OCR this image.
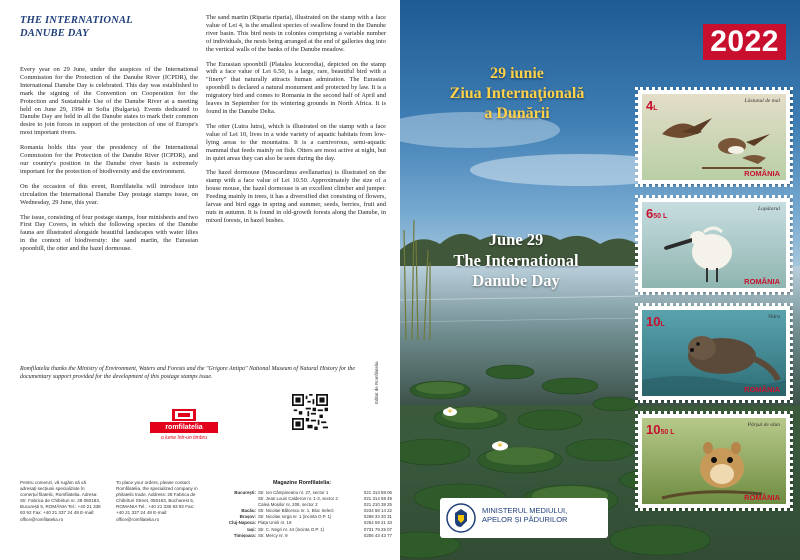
THE INTERNATIONAL
DANUBE DAY

Every year on 29 June, under the auspices of the International Commission for the Protection of the Danube River (ICPDR), the International Danube Day is celebrated. This day was established to mark the signing of the Convention on Cooperation for the Protection and Sustainable Use of the Danube River at a meeting held on June 29, 1994 in Sofia (Bulgaria). Events dedicated to Danube Day are held in all the Danube states to mark their common desire to join forces in support of the protection of one of Europe's most important rivers.

Romania holds this year the presidency of the International Commission for the Protection of the Danube River (ICPDR), and our country's position in the Danube river basin is extremely important for the protection of biodiversity and the environment.

On the occasion of this event, Romfilatelia will introduce into circulation the International Danube Day postage stamps issue, on Wednesday, 29 June, this year.

The issue, consisting of four postage stamps, four minisheets and two First Day Covers, in which the following species of the Danube fauna are illustrated alongside beautiful landscapes with water lilies in the context of biodiversity: the sand martin, the Eurasian spoonbill, the otter and the hazel dormouse.

The sand martin (Riparia riparia), illustrated on the stamp with a face value of Lei 4, is the smallest species of swallow found in the Danube river basin. This bird nests in colonies comprising a variable number of individuals, the nests being arranged at the end of galleries dug into the vertical walls of the banks of the Danube meadow.

The Eurasian spoonbill (Platalea leucorodia), depicted on the stamp with a face value of Lei 6.50, is a large, rare, beautiful bird with a "finery" that naturally attracts human admiration. The Eurasian spoonbill is declared a natural monument and protected by law. It is a migratory bird and comes to Romania in the second half of April and leaves in September for its wintering grounds in North Africa. It is found in the Danube Delta.

The otter (Lutra lutra), which is illustrated on the stamp with a face value of Lei 10, lives in a wide variety of aquatic habitats from low-lying areas to the mountains. It is a carnivorous, semi-aquatic mammal that feeds mainly on fish. Otters are most active at night, but in quiet areas they can also be seen during the day.

The hazel dormouse (Muscardinus avellanarius) is illustrated on the stamp with a face value of Lei 10.50. Approximately the size of a house mouse, the hazel dormouse is an excellent climber and jumper. Feeding mainly in trees, it has a diversified diet consisting of flowers, larvae and bird eggs in spring and summer, seeds, berries, fruit and nuts in autumn. It is found in old-growth forests along the Danube, in mixed forests, in hazel bushes.

Romfilatelia thanks the Ministry of Environment, Waters and Forests and the "Grigore Antipa" National Museum of Natural History for the documentary support provided for the development of this postage stamps issue.
romfilatelia
o lume într-un timbru
Editat de Romfilatelia
Pentru comenzi, vă rugăm să vă adresați secțiunii specializate în comerțul filatelic, Romfilatelia. Adresa: Str. Fabrica de Chibrituri nr. 28 050183, București 5, ROMÂNIA Tel.: +40 21 336 93 92 Fax: +40 21 337 24 48 E-mail: office@romfilatelia.ro
To place your orders, please contact Romfilatelia, the specialized company in philatelic trade. Address: 28 Fabrica de Chibrituri Street, 050183, Bucharest 5, ROMANIA Tel.: +40 21 336 93 92 Fax: +40 21 337 24 48 E-mail: office@romfilatelia.ro
Magazine Romfilatelia:
București: Str. Ion Câmpineanu nr. 27, sector 1	021 313 88 06
Str. Jean Louis Calderon nr. 1-3, sector 2	021 314 58 49
Calea Moșilor nr. 208, sector 2	021 210 38 25
Bacău: Str. Nicolae Bălcescu nr. 1, Bloc Select	0234 58 14 22
Brașov: Str. Nicolae Iorga nr. 1 (incinta O.P. 1)	0268 33 20 31
Cluj-Napoca: Piața Unirii nr. 19	0264 59 21 33
Iași: Str. C. Negri nr. 44 (incinta O.P. 1)	0731 79 25 07
Timișoara: Str. Mercy nr. 9	0256 43 43 77
2022
29 iunie
Ziua Internaţională
a Dunării
June 29
The International
Danube Day
4L
Lăstunul de mal
ROMÂNIA
650 L
Lopătarul
ROMÂNIA
10L
Vidra
ROMÂNIA
1050 L
Pârșul de alun
ROMÂNIA
MINISTERUL MEDIULUI,
APELOR ȘI PĂDURILOR
